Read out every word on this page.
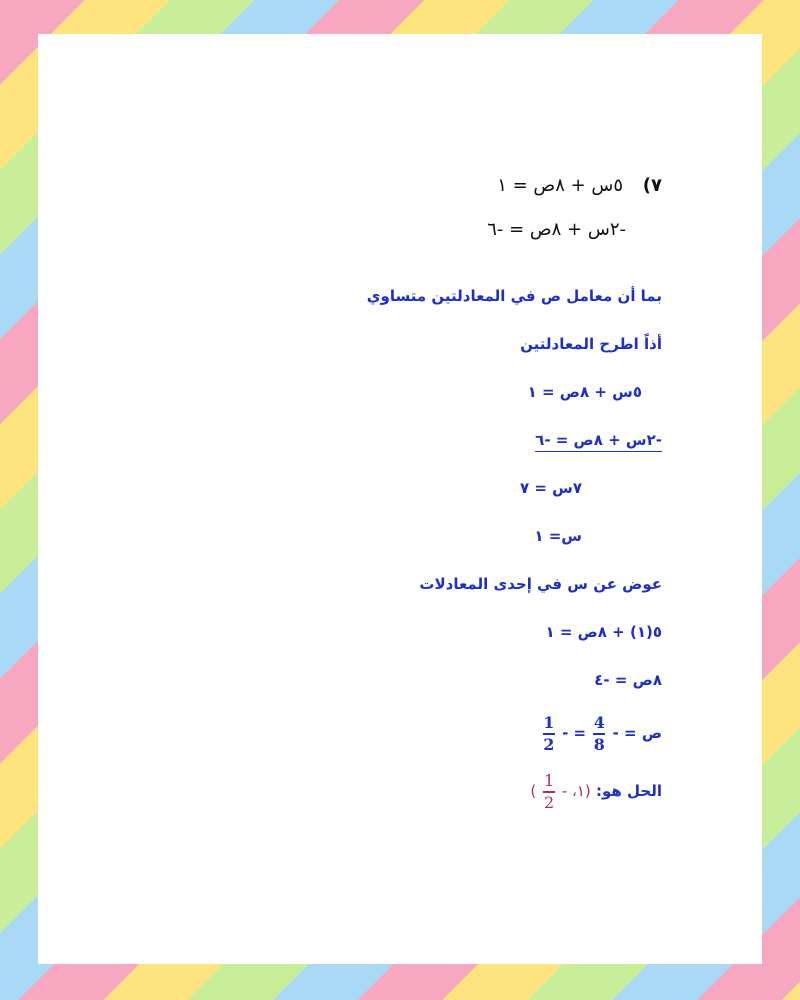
٧) ٥س + ٨ص = ١
-٢س + ٨ص = -٦
بما أن معامل ص في المعادلتين متساوي
أذاً اطرح المعادلتين
٥س + ٨ص = ١
-٢س + ٨ص = -٦
٧س = ٧
س= ١
عوض عن س في إحدى المعادلات
٥(١) + ٨ص = ١
٨ص = -٤
ص = -
$\frac{4}{8}$
= -
$\frac{1}{2}$
الحل هو: (١، -
$\frac{1}{2}$
)
